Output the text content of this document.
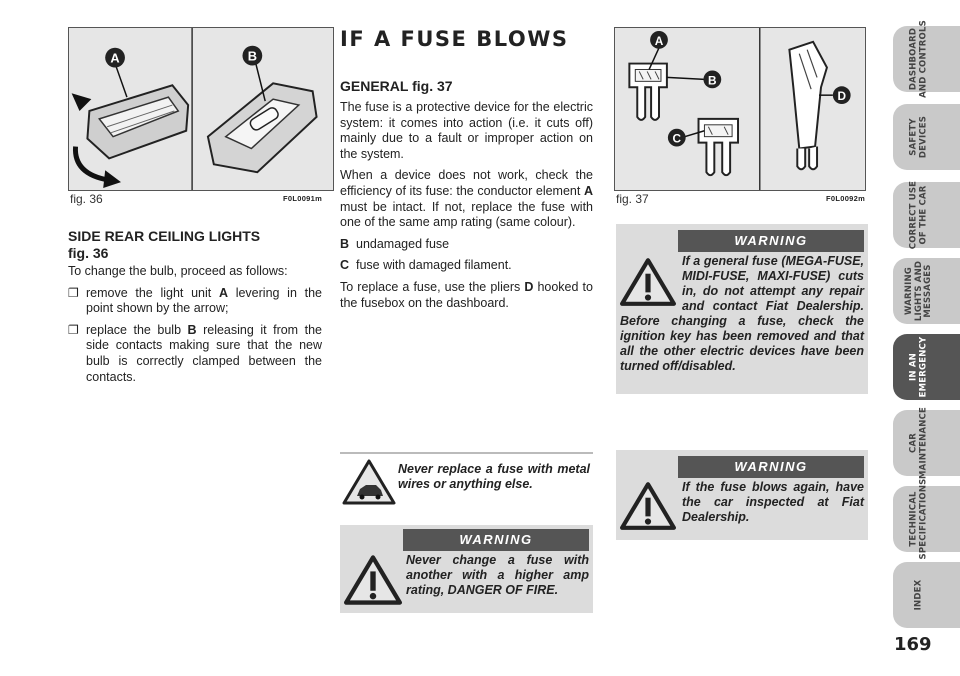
A	B
fig. 36	F0L0091m
SIDE REAR CEILING LIGHTS
fig. 36

To change the bulb, proceed as follows:

❐ remove the light unit A levering in the point shown by the arrow;
❐ replace the bulb B releasing it from the side contacts making sure that the new bulb is correctly clamped between the contacts.
IF A FUSE BLOWS
GENERAL fig. 37

The fuse is a protective device for the electric system: it comes into action (i.e. it cuts off) mainly due to a fault or improper action on the system.

When a device does not work, check the efficiency of its fuse: the conductor element A must be intact. If not, replace the fuse with one of the same amp rating (same colour).

B undamaged fuse
C fuse with damaged filament.

To replace a fuse, use the pliers D hooked to the fusebox on the dashboard.

Never replace a fuse with metal wires or anything else.
WARNING
Never change a fuse with another with a higher amp rating, DANGER OF FIRE.
A
B
C
D
fig. 37	F0L0092m
WARNING
If a general fuse (MEGA-FUSE, MIDI-FUSE, MAXI-FUSE) cuts in, do not attempt any repair and contact Fiat Dealership. Before changing a fuse, check the ignition key has been removed and that all the other electric devices have been turned off/disabled.
WARNING
If the fuse blows again, have the car inspected at Fiat Dealership.
DASHBOARD AND CONTROLS
SAFETY DEVICES
CORRECT USE OF THE CAR
WARNING LIGHTS AND MESSAGES
IN AN EMERGENCY
CAR MAINTENANCE
TECHNICAL SPECIFICATIONS
INDEX
169
